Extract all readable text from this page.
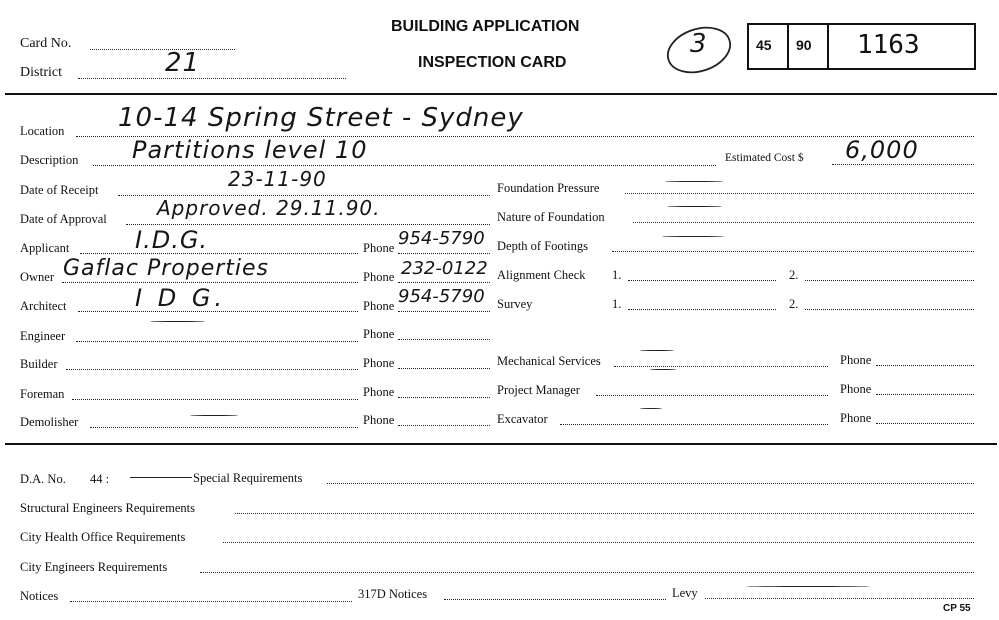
Card No.
District	21
BUILDING APPLICATION
INSPECTION CARD
3	45 90 1163
Location 10-14 Spring Street - Sydney
Description Partitions level 10	Estimated Cost $ 6,000
Date of Receipt	23-11-90
Date of Approval	Approved. 29.11.90.
Applicant	I.D.G.	Phone 954-5790
Owner Gaflac Properties	Phone 232-0122
Architect	I D G.	Phone 954-5790
Engineer	Phone
Builder	Phone
Foreman	Phone
Demolisher	Phone
Foundation Pressure
Nature of Foundation
Depth of Footings
Alignment Check 1.	2.
Survey	1.	2.
Mechanical Services	Phone
Project Manager	Phone
Excavator	Phone
D.A. No. 44 :	Special Requirements
Structural Engineers Requirements
City Health Office Requirements
City Engineers Requirements
Notices	317D Notices	Levy
CP 55
